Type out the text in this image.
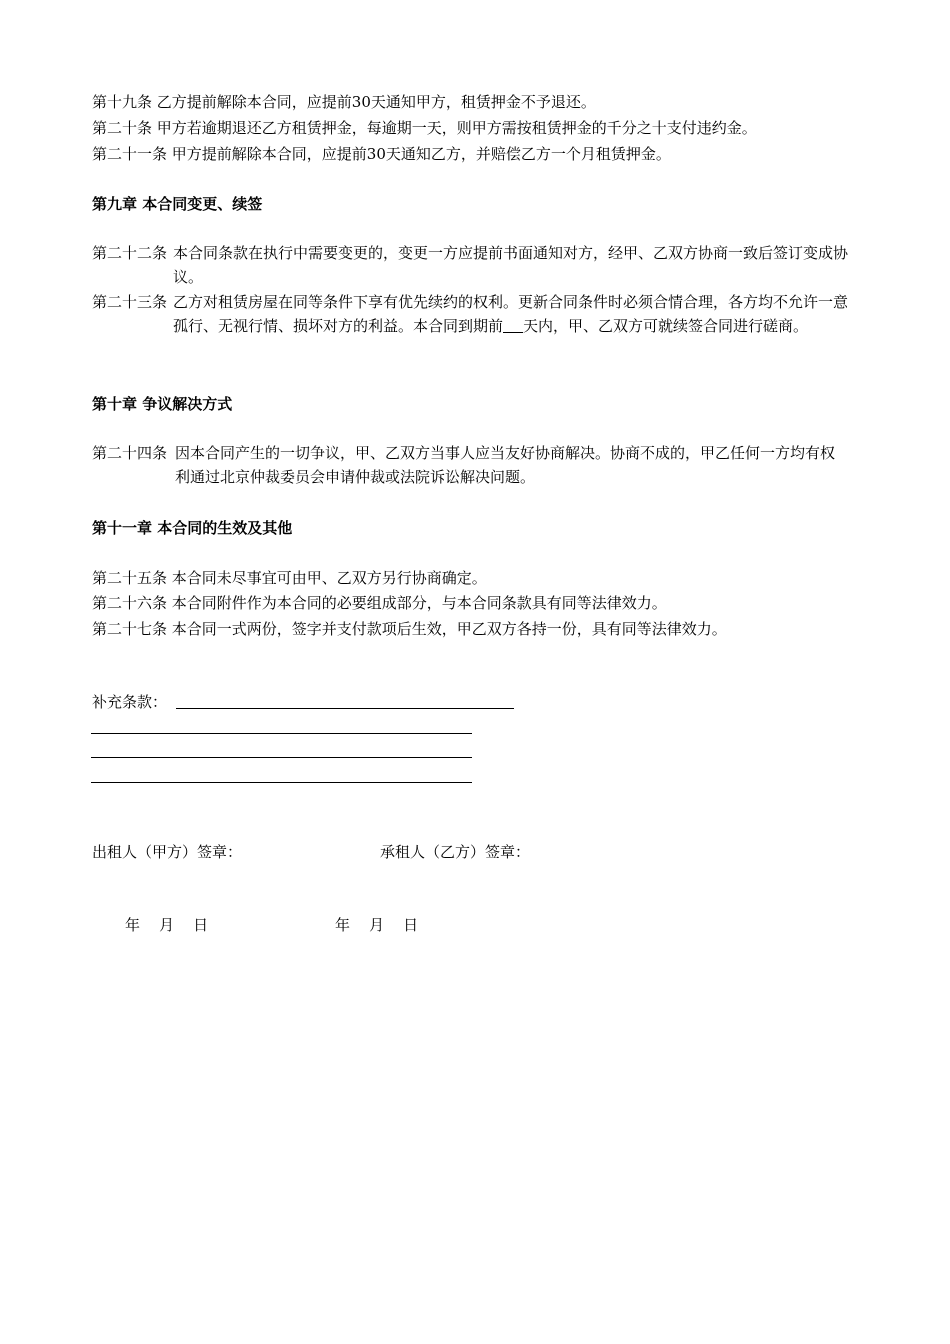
第十九条 乙方提前解除本合同，应提前30天通知甲方，租赁押金不予退还。
第二十条 甲方若逾期退还乙方租赁押金，每逾期一天，则甲方需按租赁押金的千分之十支付违约金。
第二十一条 甲方提前解除本合同，应提前30天通知乙方，并赔偿乙方一个月租赁押金。
第九章 本合同变更、续签
第二十二条 本合同条款在执行中需要变更的，变更一方应提前书面通知对方，经甲、乙双方协商一致后签订变成协议。
第二十三条 乙方对租赁房屋在同等条件下享有优先续约的权利。更新合同条件时必须合情合理，各方均不允许一意孤行、无视行情、损坏对方的利益。本合同到期前 天内，甲、乙双方可就续签合同进行磋商。
第十章 争议解决方式
第二十四条 因本合同产生的一切争议，甲、乙双方当事人应当友好协商解决。协商不成的，甲乙任何一方均有权利通过北京仲裁委员会申请仲裁或法院诉讼解决问题。
第十一章 本合同的生效及其他
第二十五条 本合同未尽事宜可由甲、乙双方另行协商确定。
第二十六条 本合同附件作为本合同的必要组成部分，与本合同条款具有同等法律效力。
第二十七条 本合同一式两份，签字并支付款项后生效，甲乙双方各持一份，具有同等法律效力。
补充条款：
出租人（甲方）签章：	承租人（乙方）签章：
年    月    日	年    月    日
